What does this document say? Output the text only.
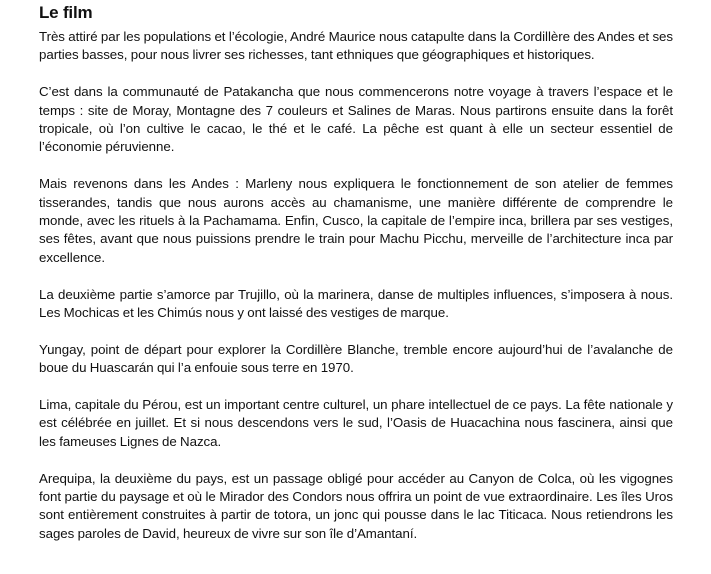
Le film

Très attiré par les populations et l’écologie, André Maurice nous catapulte dans la Cordillère des Andes et ses parties basses, pour nous livrer ses richesses, tant ethniques que géographiques et historiques.

C’est dans la communauté de Patakancha que nous commencerons notre voyage à travers l’espace et le temps : site de Moray, Montagne des 7 couleurs et Salines de Maras. Nous partirons ensuite dans la forêt tropicale, où l’on cultive le cacao, le thé et le café. La pêche est quant à elle un secteur essentiel de l’économie péruvienne.

Mais revenons dans les Andes : Marleny nous expliquera le fonctionnement de son atelier de femmes tisserandes, tandis que nous aurons accès au chamanisme, une manière différente de comprendre le monde, avec les rituels à la Pachamama. Enfin, Cusco, la capitale de l’empire inca, brillera par ses vestiges, ses fêtes, avant que nous puissions prendre le train pour Machu Picchu, merveille de l’architecture inca par excellence.

La deuxième partie s’amorce par Trujillo, où la marinera, danse de multiples influences, s’imposera à nous. Les Mochicas et les Chimús nous y ont laissé des vestiges de marque.

Yungay, point de départ pour explorer la Cordillère Blanche, tremble encore aujourd’hui de l’avalanche de boue du Huascarán qui l’a enfouie sous terre en 1970.

Lima, capitale du Pérou, est un important centre culturel, un phare intellectuel de ce pays. La fête nationale y est célébrée en juillet. Et si nous descendons vers le sud, l’Oasis de Huacachina nous fascinera, ainsi que les fameuses Lignes de Nazca.

Arequipa, la deuxième du pays, est un passage obligé pour accéder au Canyon de Colca, où les vigognes font partie du paysage et où le Mirador des Condors nous offrira un point de vue extraordinaire. Les îles Uros sont entièrement construites à partir de totora, un jonc qui pousse dans le lac Titicaca. Nous retiendrons les sages paroles de David, heureux de vivre sur son île d’Amantaní.
